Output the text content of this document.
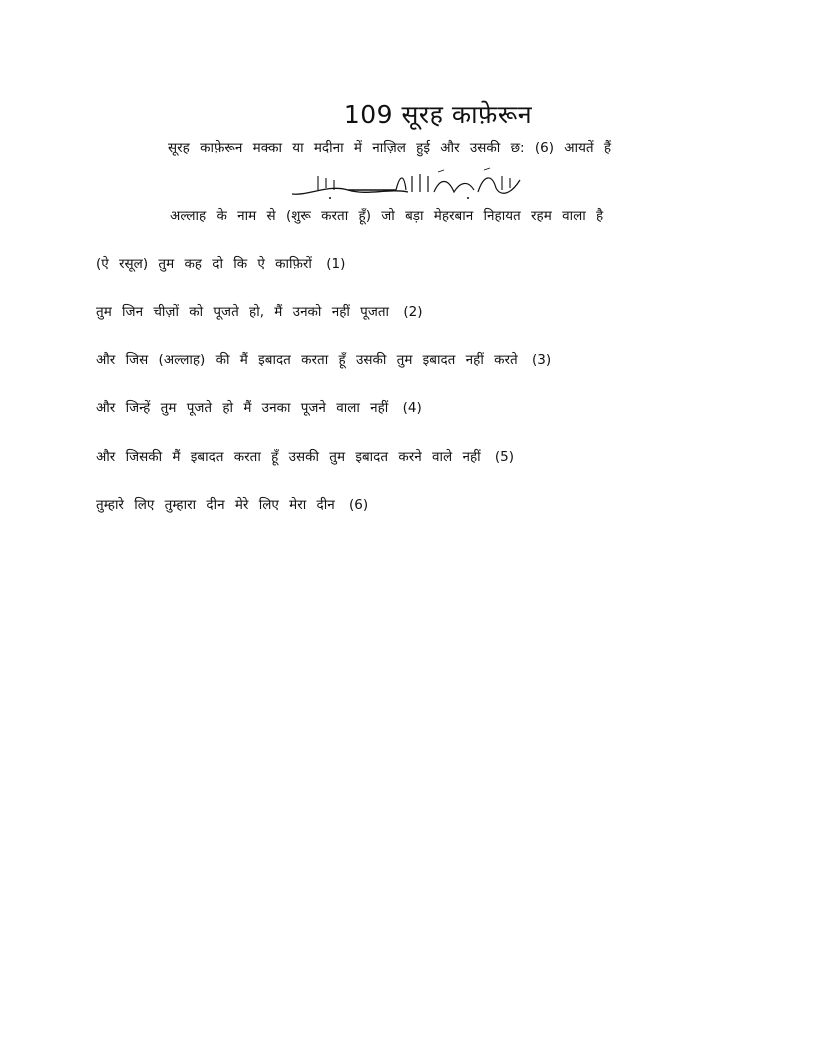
109 सूरह काफ़ेरून
सूरह काफ़ेरून मक्का या मदीना में नाज़िल हुई और उसकी छ: (6) आयतें हैं
अल्लाह के नाम से (शुरू करता हूँ) जो बड़ा मेहरबान निहायत रहम वाला है
(ऐ रसूल) तुम कह दो कि ऐ काफ़िरों (1)
तुम जिन चीज़ों को पूजते हो, मैं उनको नहीं पूजता (2)
और जिस (अल्लाह) की मैं इबादत करता हूँ उसकी तुम इबादत नहीं करते (3)
और जिन्हें तुम पूजते हो मैं उनका पूजने वाला नहीं (4)
और जिसकी मैं इबादत करता हूँ उसकी तुम इबादत करने वाले नहीं (5)
तुम्हारे लिए तुम्हारा दीन मेरे लिए मेरा दीन (6)
